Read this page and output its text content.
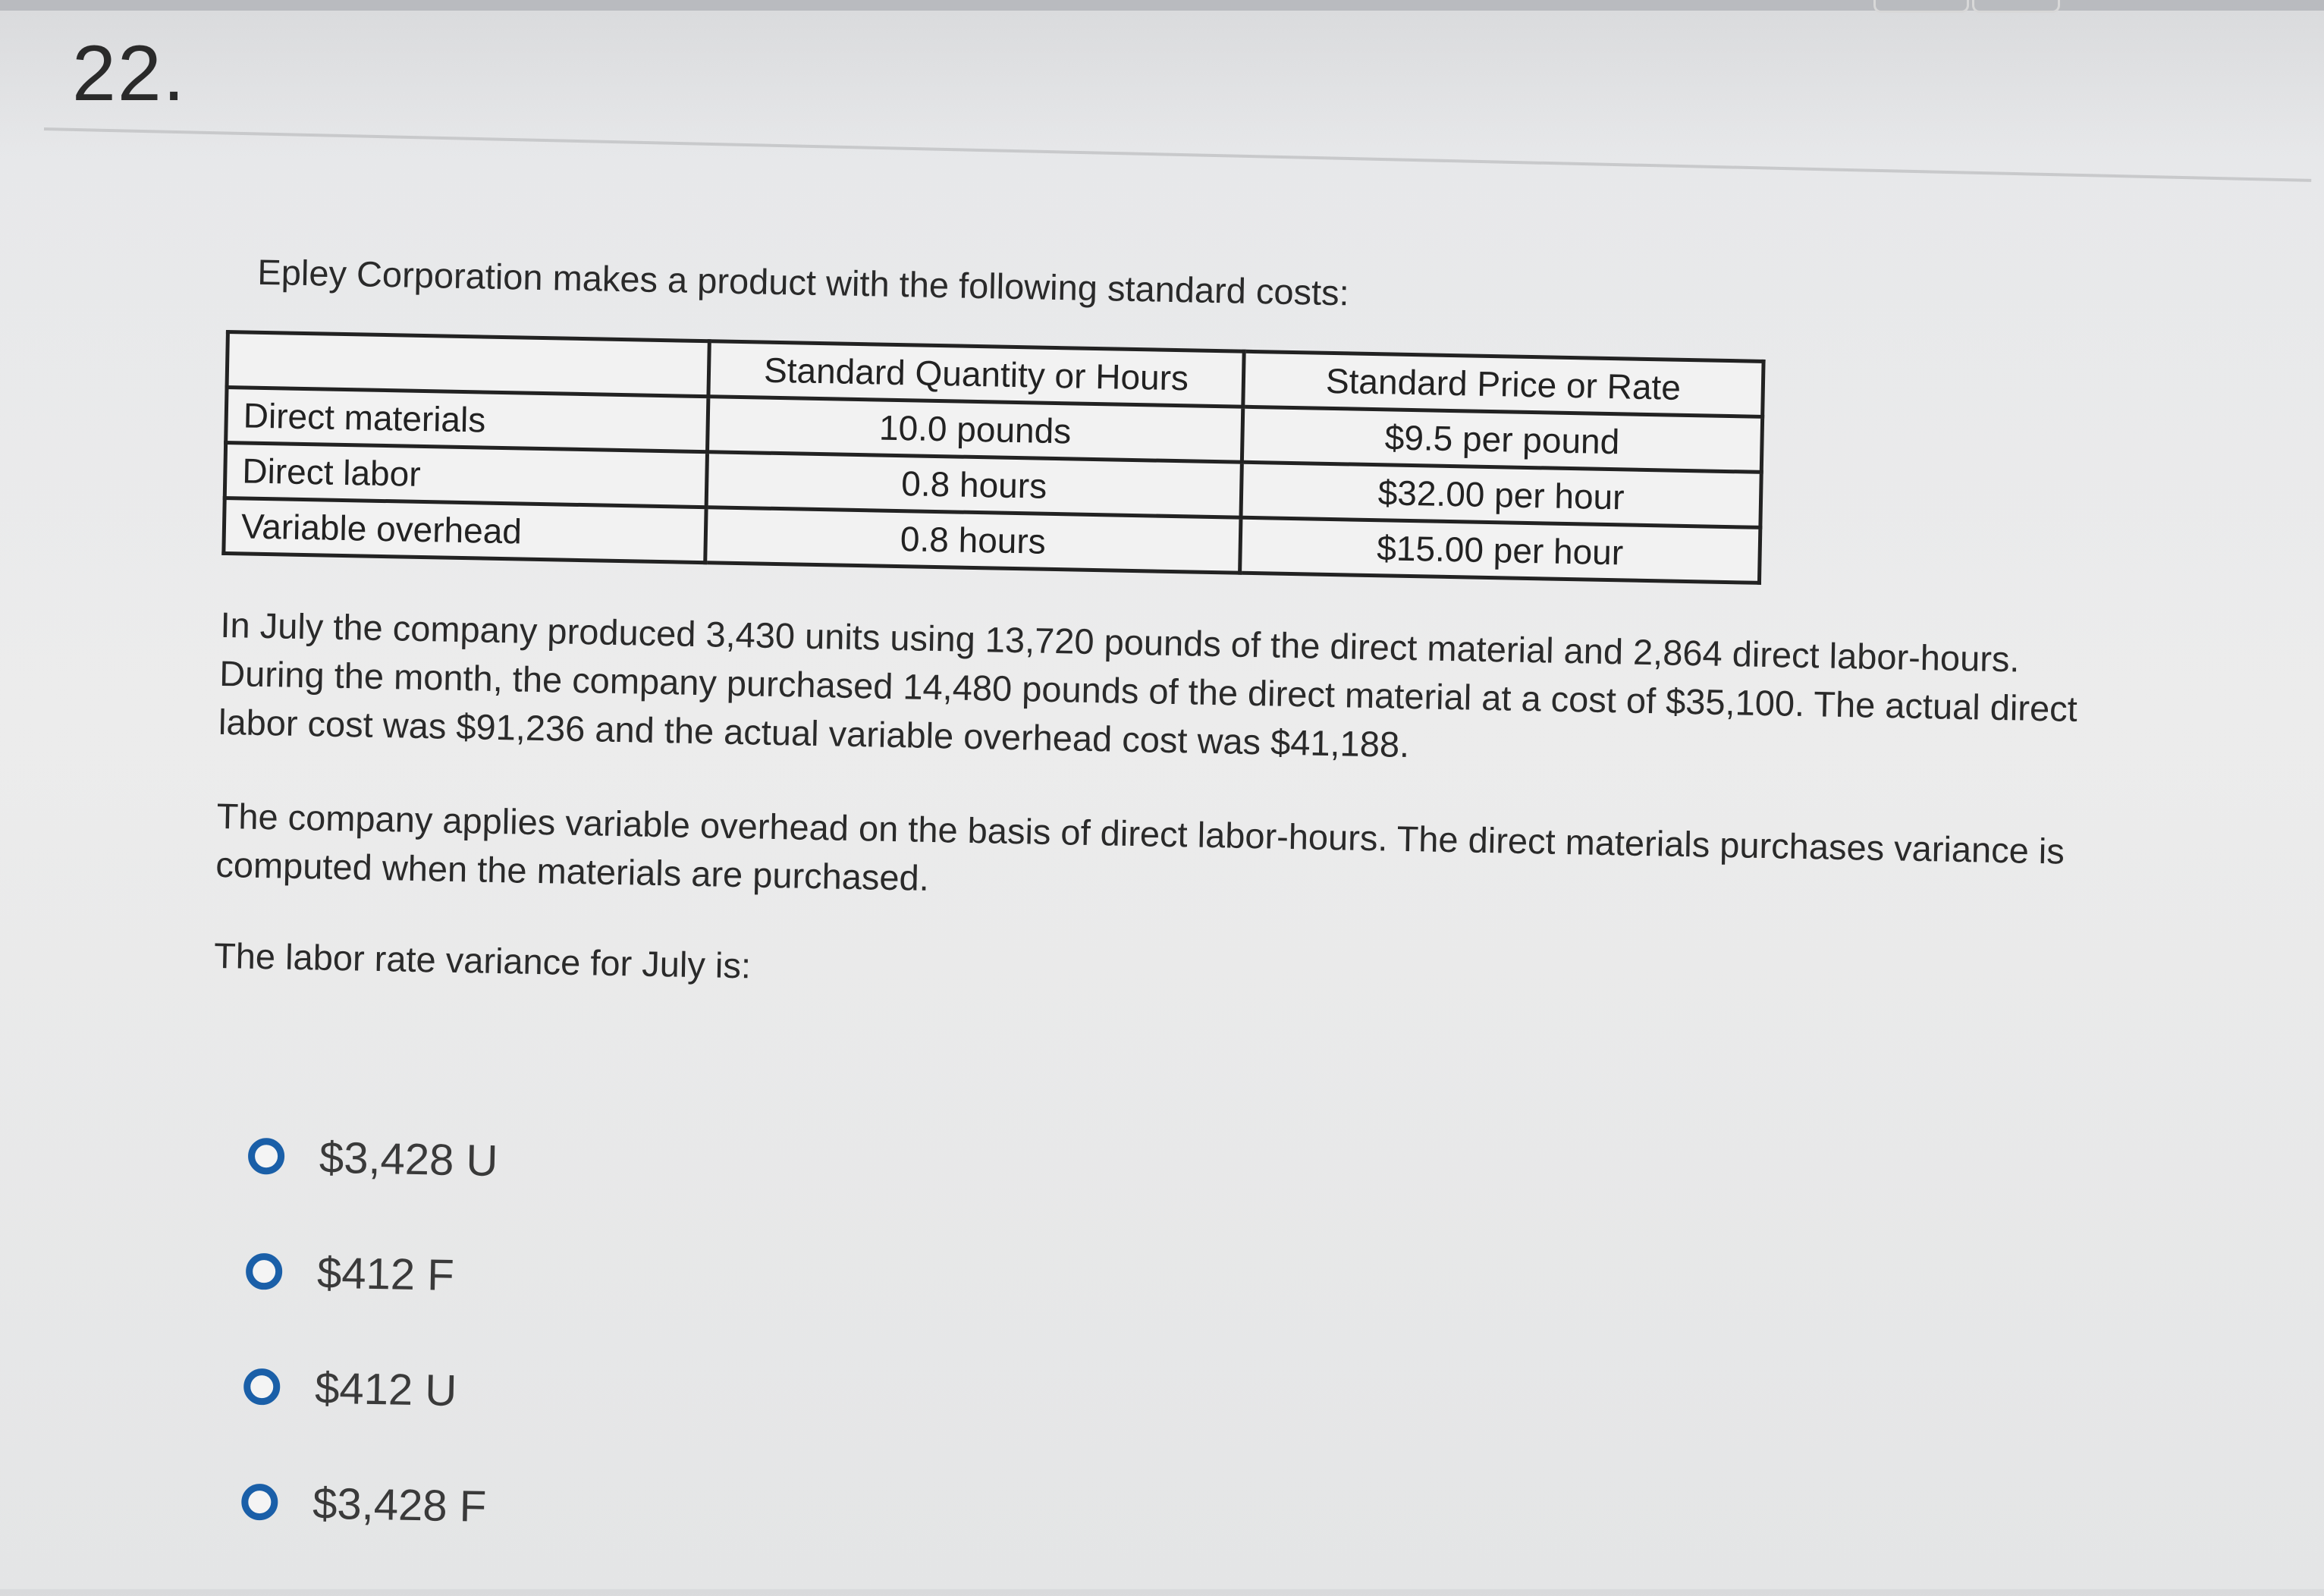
22.

Epley Corporation makes a product with the following standard costs:

	Standard Quantity or Hours	Standard Price or Rate
Direct materials	10.0 pounds	$9.5 per pound
Direct labor	0.8 hours	$32.00 per hour
Variable overhead	0.8 hours	$15.00 per hour
In July the company produced 3,430 units using 13,720 pounds of the direct material and 2,864 direct labor-hours. During the month, the company purchased 14,480 pounds of the direct material at a cost of $35,100. The actual direct labor cost was $91,236 and the actual variable overhead cost was $41,188.
The company applies variable overhead on the basis of direct labor-hours. The direct materials purchases variance is computed when the materials are purchased.
The labor rate variance for July is:
$3,428 U
$412 F
$412 U
$3,428 F
